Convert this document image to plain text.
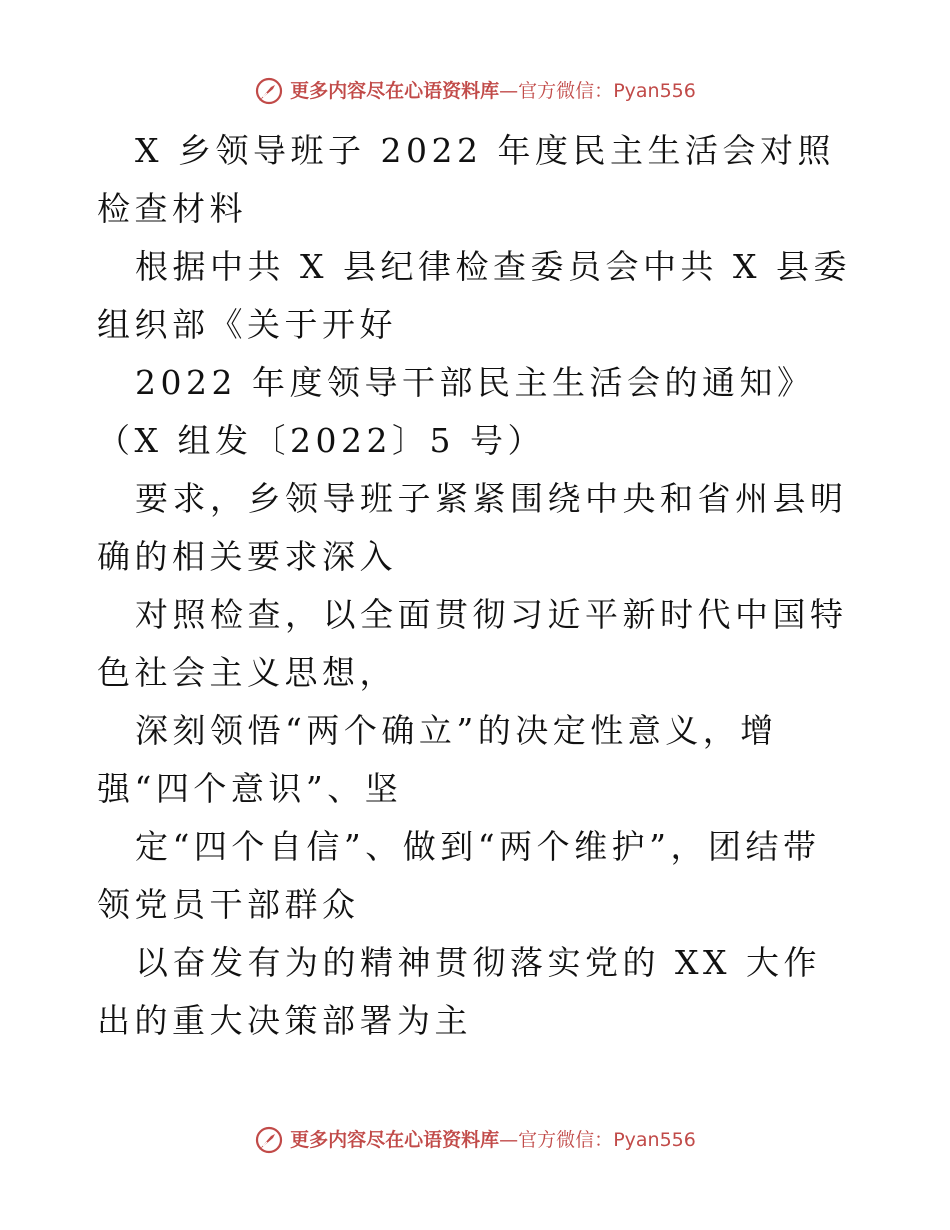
更多内容尽在心语资料库 — 官方微信： Pyan556

X 乡领导班子 2022 年度民主生活会对照检查材料

根据中共 X 县纪律检查委员会中共 X 县委组织部《关于开好

2022 年度领导干部民主生活会的通知》（X 组发〔2022〕5 号）

要求，乡领导班子紧紧围绕中央和省州县明确的相关要求深入

对照检查，以全面贯彻习近平新时代中国特色社会主义思想，

深刻领悟“两个确立”的决定性意义，增强“四个意识”、坚

定“四个自信”、做到“两个维护”，团结带领党员干部群众

以奋发有为的精神贯彻落实党的 XX 大作出的重大决策部署为主

更多内容尽在心语资料库 — 官方微信： Pyan556
